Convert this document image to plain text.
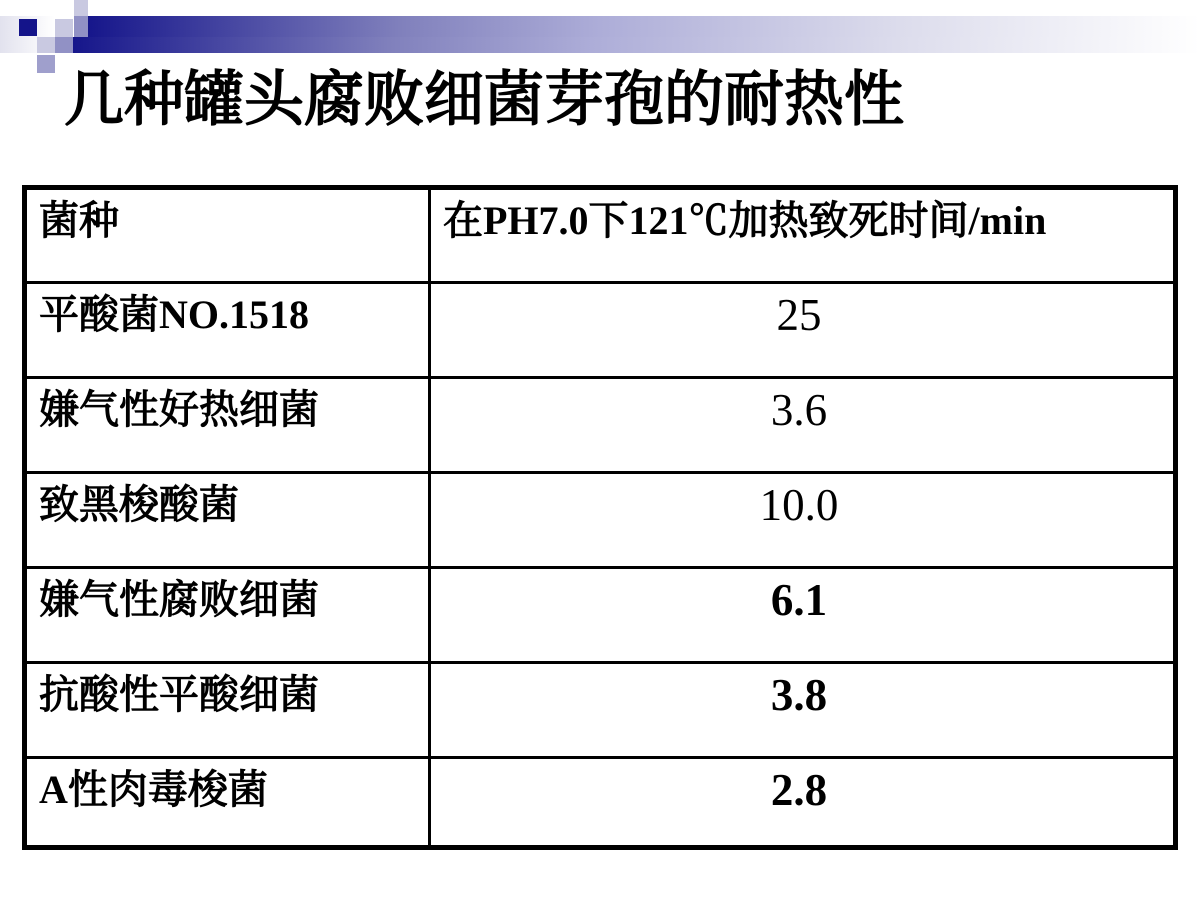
几种罐头腐败细菌芽孢的耐热性
菌种	在PH7.0下121℃加热致死时间/min
平酸菌NO.1518	25
嫌气性好热细菌	3.6
致黑梭酸菌	10.0
嫌气性腐败细菌	6.1
抗酸性平酸细菌	3.8
A性肉毒梭菌	2.8
